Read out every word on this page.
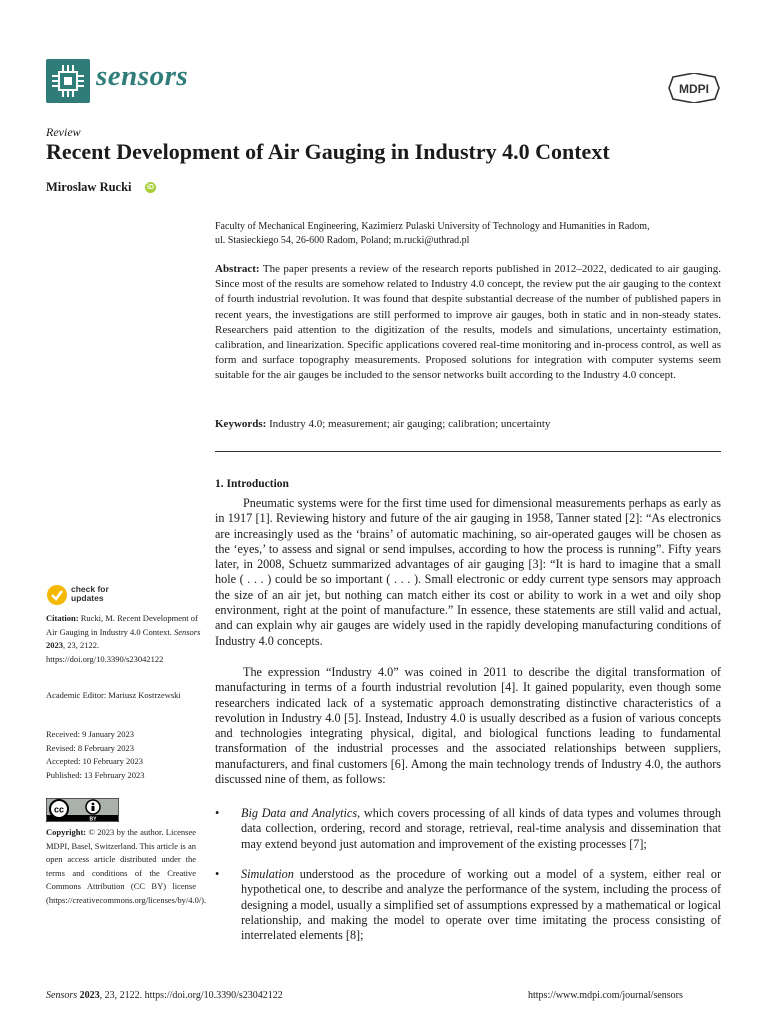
sensors	MDPI
Review
Recent Development of Air Gauging in Industry 4.0 Context
Miroslaw Rucki iD
Faculty of Mechanical Engineering, Kazimierz Pulaski University of Technology and Humanities in Radom,
ul. Stasieckiego 54, 26-600 Radom, Poland; m.rucki@uthrad.pl
Abstract: The paper presents a review of the research reports published in 2012–2022, dedicated to air gauging. Since most of the results are somehow related to Industry 4.0 concept, the review put the air gauging to the context of fourth industrial revolution. It was found that despite substantial decrease of the number of published papers in recent years, the investigations are still performed to improve air gauges, both in static and in non-steady states. Researchers paid attention to the digitization of the results, models and simulations, uncertainty estimation, calibration, and linearization. Specific applications covered real-time monitoring and in-process control, as well as form and surface topography measurements. Proposed solutions for integration with computer systems seem suitable for the air gauges be included to the sensor networks built according to the Industry 4.0 concept.
Keywords: Industry 4.0; measurement; air gauging; calibration; uncertainty
1. Introduction

Pneumatic systems were for the first time used for dimensional measurements perhaps as early as in 1917 [1]. Reviewing history and future of the air gauging in 1958, Tanner stated [2]: “As electronics are increasingly used as the ‘brains’ of automatic machining, so air-operated gauges will be chosen as the ‘eyes,’ to assess and signal or send impulses, according to how the process is running”. Fifty years later, in 2008, Schuetz summarized advantages of air gauging [3]: “It is hard to imagine that a small hole ( . . . ) could be so important ( . . . ). Small electronic or eddy current type sensors may approach the size of an air jet, but nothing can match either its cost or ability to work in a wet and oily shop environment, right at the point of manufacture.” In essence, these statements are still valid and actual, and can explain why air gauges are widely used in the rapidly developing manufacturing conditions of Industry 4.0 concepts.

The expression “Industry 4.0” was coined in 2011 to describe the digital transformation of manufacturing in terms of a fourth industrial revolution [4]. It gained popularity, even though some researchers indicated lack of a systematic approach demonstrating distinctive characteristics of a revolution in Industry 4.0 [5]. Instead, Industry 4.0 is usually described as a fusion of various concepts and technologies integrating physical, digital, and biological functions leading to fundamental transformation of the industrial processes and the associated relationships between suppliers, manufacturers, and final customers [6]. Among the main technology trends of Industry 4.0, the authors discussed nine of them, as follows:

• Big Data and Analytics, which covers processing of all kinds of data types and volumes through data collection, ordering, record and storage, retrieval, real-time analysis and dissemination that may extend beyond just automation and improvement of the existing processes [7];
• Simulation understood as the procedure of working out a model of a system, either real or hypothetical one, to describe and analyze the performance of the system, including the process of designing a model, usually a simplified set of assumptions expressed by a mathematical or logical relationship, and making the model to operate over time imitating the process consisting of interrelated elements [8];
check for
updates
Citation: Rucki, M. Recent Development of Air Gauging in Industry 4.0 Context. Sensors 2023, 23, 2122. https://doi.org/10.3390/s23042122
Academic Editor: Mariusz Kostrzewski
Received: 9 January 2023
Revised: 8 February 2023
Accepted: 10 February 2023
Published: 13 February 2023
cc
BY
Copyright: © 2023 by the author. Licensee MDPI, Basel, Switzerland. This article is an open access article distributed under the terms and conditions of the Creative Commons Attribution (CC BY) license (https://creativecommons.org/licenses/by/4.0/).
Sensors 2023, 23, 2122. https://doi.org/10.3390/s23042122	https://www.mdpi.com/journal/sensors
